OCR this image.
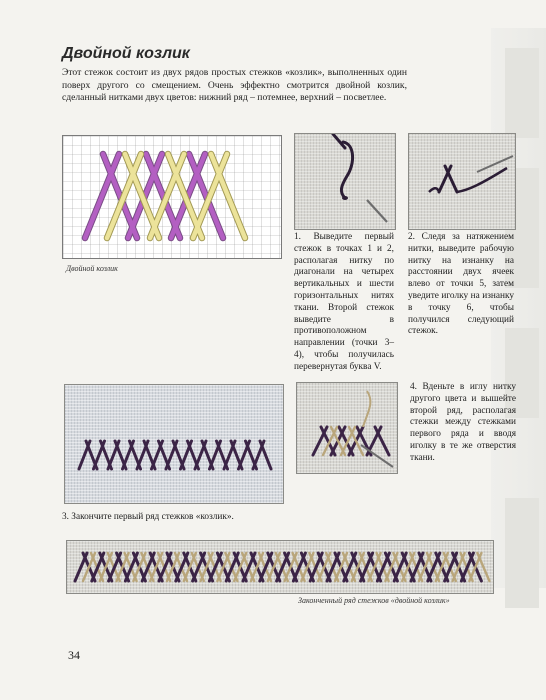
Двойной козлик

Этот стежок состоит из двух рядов простых стежков «козлик», выполненных один поверх другого со смещением. Очень эффектно смотрится двойной козлик, сделанный нитками двух цветов: нижний ряд – потемнее, верхний – посветлее.

Двойной козлик

1. Выведите первый стежок в точках 1 и 2, располагая нитку по диагонали на четырех вертикальных и шести горизонтальных нитях ткани. Второй стежок выведите в противоположном направлении (точки 3–4), чтобы получилась перевернутая буква V.

2. Следя за натяжением нитки, выведите рабочую нитку на изнанку на расстоянии двух ячеек влево от точки 5, затем уведите иголку на изнанку в точку 6, чтобы получился следующий стежок.

3. Закончите первый ряд стежков «козлик».

4. Вденьте в иглу нитку другого цвета и вышейте второй ряд, располагая стежки между стежками первого ряда и вводя иголку в те же отверстия ткани.

Законченный ряд стежков «двойной козлик»
34
